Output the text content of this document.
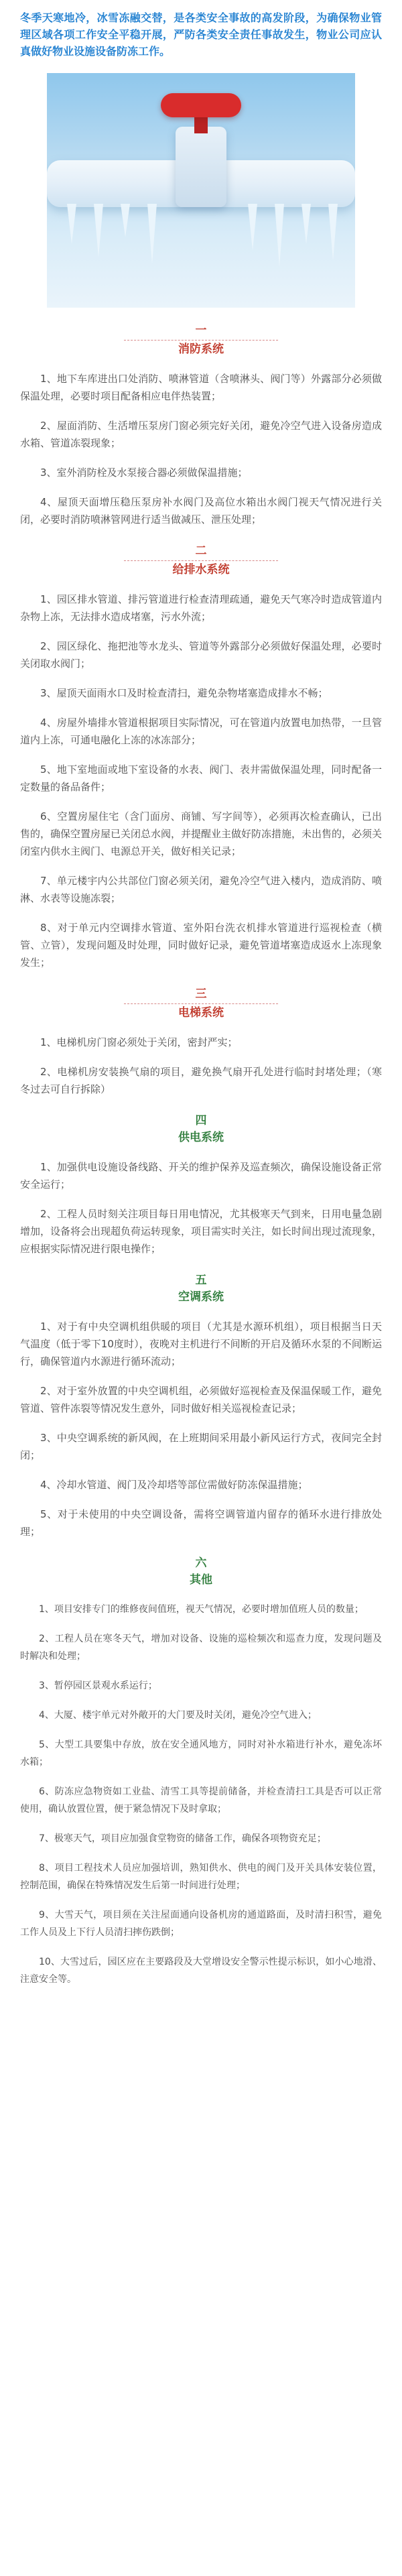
冬季天寒地冷，冰雪冻融交替，是各类安全事故的高发阶段，为确保物业管理区域各项工作安全平稳开展，严防各类安全责任事故发生，物业公司应认真做好物业设施设备防冻工作。
一
消防系统

1、地下车库进出口处消防、喷淋管道（含喷淋头、阀门等）外露部分必须做保温处理，必要时项目配备相应电伴热装置；

2、屋面消防、生活增压泵房门窗必须完好关闭，避免冷空气进入设备房造成水箱、管道冻裂现象；

3、室外消防栓及水泵接合器必须做保温措施；

4、屋顶天面增压稳压泵房补水阀门及高位水箱出水阀门视天气情况进行关闭，必要时消防喷淋管网进行适当做减压、泄压处理；

二
给排水系统

1、园区排水管道、排污管道进行检查清理疏通，避免天气寒冷时造成管道内杂物上冻，无法排水造成堵塞，污水外流；

2、园区绿化、拖把池等水龙头、管道等外露部分必须做好保温处理，必要时关闭取水阀门；

3、屋顶天面雨水口及时检查清扫，避免杂物堵塞造成排水不畅；

4、房屋外墙排水管道根据项目实际情况，可在管道内放置电加热带，一旦管道内上冻，可通电融化上冻的冰冻部分；

5、地下室地面或地下室设备的水表、阀门、表井需做保温处理，同时配备一定数量的备品备件；

6、空置房屋住宅（含门面房、商铺、写字间等），必须再次检查确认，已出售的，确保空置房屋已关闭总水阀，并提醒业主做好防冻措施，未出售的，必须关闭室内供水主阀门、电源总开关，做好相关记录；

7、单元楼宇内公共部位门窗必须关闭，避免冷空气进入楼内，造成消防、喷淋、水表等设施冻裂；

8、对于单元内空调排水管道、室外阳台洗衣机排水管道进行巡视检查（横管、立管），发现问题及时处理，同时做好记录，避免管道堵塞造成返水上冻现象发生；

三
电梯系统

1、电梯机房门窗必须处于关闭，密封严实；

2、电梯机房安装换气扇的项目，避免换气扇开孔处进行临时封堵处理；（寒冬过去可自行拆除）

四
供电系统

1、加强供电设施设备线路、开关的维护保养及巡查频次，确保设施设备正常安全运行；

2、工程人员时刻关注项目每日用电情况，尤其极寒天气到来，日用电量急剧增加，设备将会出现超负荷运转现象，项目需实时关注，如长时间出现过流现象，应根据实际情况进行限电操作；

五
空调系统

1、对于有中央空调机组供暖的项目（尤其是水源环机组），项目根据当日天气温度（低于零下10度时），夜晚对主机进行不间断的开启及循环水泵的不间断运行，确保管道内水源进行循环流动；

2、对于室外放置的中央空调机组，必须做好巡视检查及保温保暖工作，避免管道、管件冻裂等情况发生意外，同时做好相关巡视检查记录；

3、中央空调系统的新风阀，在上班期间采用最小新风运行方式，夜间完全封闭；

4、冷却水管道、阀门及冷却塔等部位需做好防冻保温措施；

5、对于未使用的中央空调设备，需将空调管道内留存的循环水进行排放处理；

六
其他

1、项目安排专门的维修夜间值班，视天气情况，必要时增加值班人员的数量；

2、工程人员在寒冬天气，增加对设备、设施的巡检频次和巡查力度，发现问题及时解决和处理；

3、暂停园区景观水系运行；

4、大厦、楼宇单元对外敞开的大门要及时关闭，避免冷空气进入；

5、大型工具要集中存放，放在安全通风地方，同时对补水箱进行补水，避免冻坏水箱；

6、防冻应急物资如工业盐、清雪工具等提前储备，并检查清扫工具是否可以正常使用，确认放置位置，便于紧急情况下及时拿取；

7、极寒天气，项目应加强食堂物资的储备工作，确保各项物资充足；

8、项目工程技术人员应加强培训，熟知供水、供电的阀门及开关具体安装位置，控制范围，确保在特殊情况发生后第一时间进行处理；

9、大雪天气，项目须在关注屋面通向设备机房的通道路面，及时清扫积雪，避免工作人员及上下行人员清扫摔伤跌倒；

10、大雪过后，园区应在主要路段及大堂增设安全警示性提示标识，如小心地滑、注意安全等。
